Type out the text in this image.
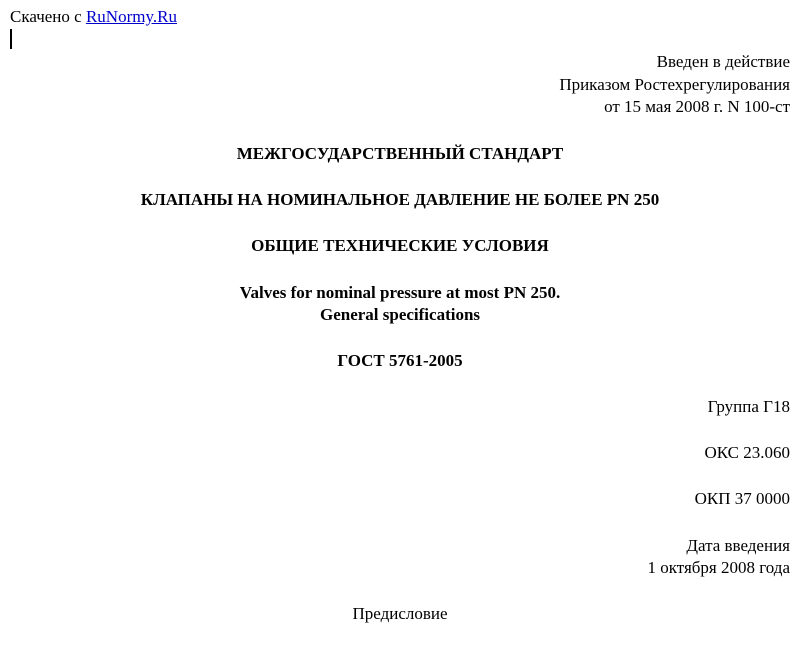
Скачено с RuNormy.Ru
Введен в действие
Приказом Ростехрегулирования
от 15 мая 2008 г. N 100-ст
МЕЖГОСУДАРСТВЕННЫЙ СТАНДАРТ
КЛАПАНЫ НА НОМИНАЛЬНОЕ ДАВЛЕНИЕ НЕ БОЛЕЕ PN 250
ОБЩИЕ ТЕХНИЧЕСКИЕ УСЛОВИЯ
Valves for nominal pressure at most PN 250.
General specifications
ГОСТ 5761-2005
Группа Г18
ОКС 23.060
ОКП 37 0000
Дата введения
1 октября 2008 года
Предисловие
